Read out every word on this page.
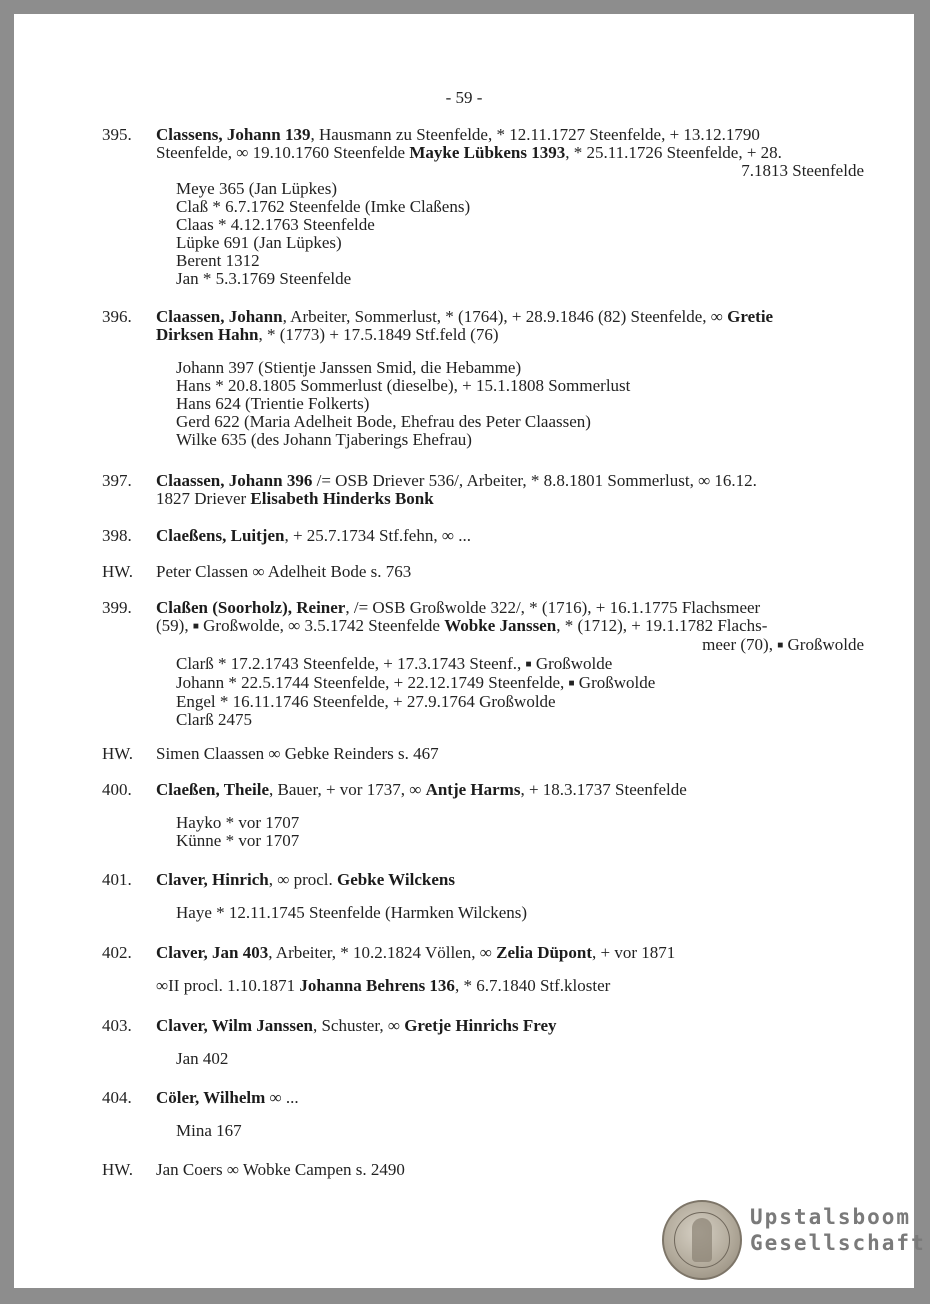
- 59 -
395. Classens, Johann 139, Hausmann zu Steenfelde, * 12.11.1727 Steenfelde, + 13.12.1790
Steenfelde, ∞ 19.10.1760 Steenfelde Mayke Lübkens 1393, * 25.11.1726 Steenfelde, + 28.
7.1813 Steenfelde
Meye 365 (Jan Lüpkes)
Claß * 6.7.1762 Steenfelde (Imke Claßens)
Claas * 4.12.1763 Steenfelde
Lüpke 691 (Jan Lüpkes)
Berent 1312
Jan * 5.3.1769 Steenfelde
396. Claassen, Johann, Arbeiter, Sommerlust, * (1764), + 28.9.1846 (82) Steenfelde, ∞ Gretie
Dirksen Hahn, * (1773) + 17.5.1849 Stf.feld (76)
Johann 397 (Stientje Janssen Smid, die Hebamme)
Hans * 20.8.1805 Sommerlust (dieselbe), + 15.1.1808 Sommerlust
Hans 624 (Trientie Folkerts)
Gerd 622 (Maria Adelheit Bode, Ehefrau des Peter Claassen)
Wilke 635 (des Johann Tjaberings Ehefrau)
397. Claassen, Johann 396 /= OSB Driever 536/, Arbeiter, * 8.8.1801 Sommerlust, ∞ 16.12.
1827 Driever Elisabeth Hinderks Bonk
398. Claeßens, Luitjen, + 25.7.1734 Stf.fehn, ∞ ...
HW. Peter Classen ∞ Adelheit Bode s. 763
399. Claßen (Soorholz), Reiner, /= OSB Großwolde 322/, * (1716), + 16.1.1775 Flachsmeer
(59), ■ Großwolde, ∞ 3.5.1742 Steenfelde Wobke Janssen, * (1712), + 19.1.1782 Flachs-
meer (70), ■ Großwolde
Clarß * 17.2.1743 Steenfelde, + 17.3.1743 Steenf., ■ Großwolde
Johann * 22.5.1744 Steenfelde, + 22.12.1749 Steenfelde, ■ Großwolde
Engel * 16.11.1746 Steenfelde, + 27.9.1764 Großwolde
Clarß 2475
HW. Simen Claassen ∞ Gebke Reinders s. 467
400. Claeßen, Theile, Bauer, + vor 1737, ∞ Antje Harms, + 18.3.1737 Steenfelde
Hayko * vor 1707
Künne * vor 1707
401. Claver, Hinrich, ∞ procl. Gebke Wilckens
Haye * 12.11.1745 Steenfelde (Harmken Wilckens)
402. Claver, Jan 403, Arbeiter, * 10.2.1824 Völlen, ∞ Zelia Düpont, + vor 1871
∞II procl. 1.10.1871 Johanna Behrens 136, * 6.7.1840 Stf.kloster
403. Claver, Wilm Janssen, Schuster, ∞ Gretje Hinrichs Frey
Jan 402
404. Cöler, Wilhelm ∞ ...
Mina 167
HW. Jan Coers ∞ Wobke Campen s. 2490
Upstalsboom
Gesellschaft
